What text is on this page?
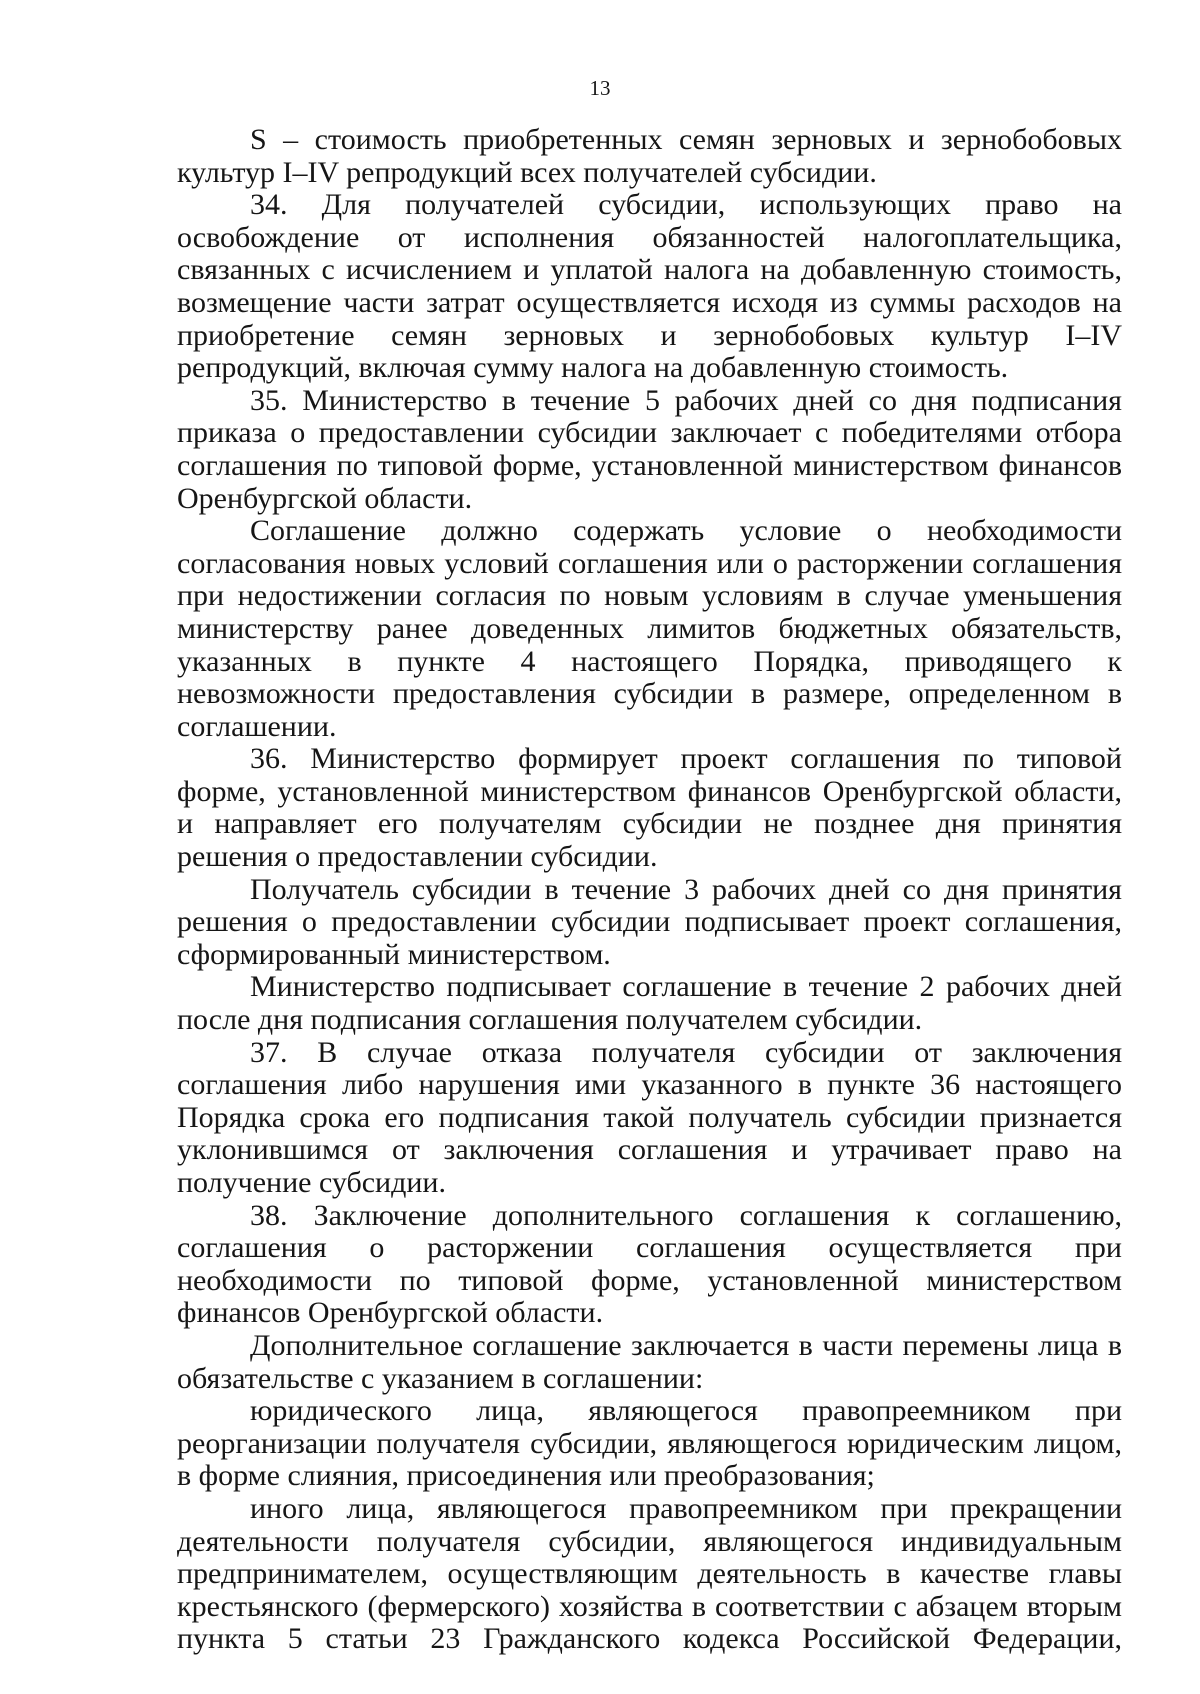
13

S – стоимость приобретенных семян зерновых и зернобобовых культур I–IV репродукций всех получателей субсидии.

34. Для получателей субсидии, использующих право на освобождение от исполнения обязанностей налогоплательщика, связанных с исчислением и уплатой налога на добавленную стоимость, возмещение части затрат осуществляется исходя из суммы расходов на приобретение семян зерновых и зернобобовых культур I–IV репродукций, включая сумму налога на добавленную стоимость.

35. Министерство в течение 5 рабочих дней со дня подписания приказа о предоставлении субсидии заключает с победителями отбора соглашения по типовой форме, установленной министерством финансов Оренбургской области.

Соглашение должно содержать условие о необходимости согласования новых условий соглашения или о расторжении соглашения при недостижении согласия по новым условиям в случае уменьшения министерству ранее доведенных лимитов бюджетных обязательств, указанных в пункте 4 настоящего Порядка, приводящего к невозможности предоставления субсидии в размере, определенном в соглашении.

36. Министерство формирует проект соглашения по типовой форме, установленной министерством финансов Оренбургской области, и направляет его получателям субсидии не позднее дня принятия решения о предоставлении субсидии.

Получатель субсидии в течение 3 рабочих дней со дня принятия решения о предоставлении субсидии подписывает проект соглашения, сформированный министерством.

Министерство подписывает соглашение в течение 2 рабочих дней после дня подписания соглашения получателем субсидии.

37. В случае отказа получателя субсидии от заключения соглашения либо нарушения ими указанного в пункте 36 настоящего Порядка срока его подписания такой получатель субсидии признается уклонившимся от заключения соглашения и утрачивает право на получение субсидии.

38. Заключение дополнительного соглашения к соглашению, соглашения о расторжении соглашения осуществляется при необходимости по типовой форме, установленной министерством финансов Оренбургской области.

Дополнительное соглашение заключается в части перемены лица в обязательстве с указанием в соглашении:

юридического лица, являющегося правопреемником при реорганизации получателя субсидии, являющегося юридическим лицом, в форме слияния, присоединения или преобразования;

иного лица, являющегося правопреемником при прекращении деятельности получателя субсидии, являющегося индивидуальным предпринимателем, осуществляющим деятельность в качестве главы крестьянского (фермерского) хозяйства в соответствии с абзацем вторым пункта 5 статьи 23 Гражданского кодекса Российской Федерации,
